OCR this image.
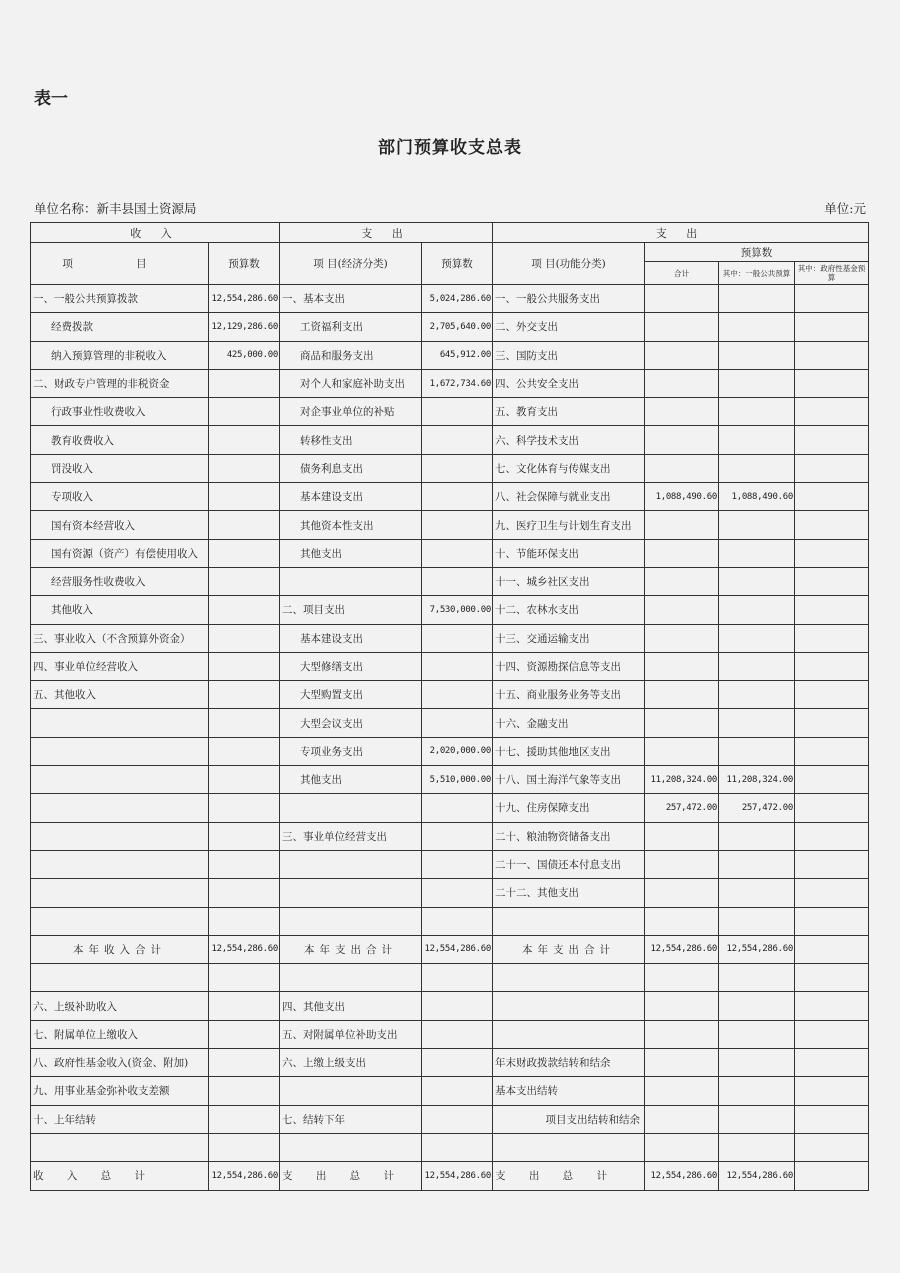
表一
部门预算收支总表
单位名称：新丰县国土资源局	单位:元
收 入		支 出		支 出			
项 目	预算数	项 目(经济分类)	预算数	项 目(功能分类)	预算数		
					合计	其中：一般公共预算	其中：政府性基金预算
一、一般公共预算拨款	12,554,286.60	一、基本支出	5,024,286.60	一、一般公共服务支出			
经费拨款	12,129,286.60	工资福利支出	2,705,640.00	二、外交支出			
纳入预算管理的非税收入	425,000.00	商品和服务支出	645,912.00	三、国防支出			
二、财政专户管理的非税资金		对个人和家庭补助支出	1,672,734.60	四、公共安全支出			
行政事业性收费收入		对企事业单位的补贴		五、教育支出			
教育收费收入		转移性支出		六、科学技术支出			
罚没收入		债务利息支出		七、文化体育与传媒支出			
专项收入		基本建设支出		八、社会保障与就业支出	1,088,490.60	1,088,490.60	
国有资本经营收入		其他资本性支出		九、医疗卫生与计划生育支出			
国有资源（资产）有偿使用收入		其他支出		十、节能环保支出			
经营服务性收费收入				十一、城乡社区支出			
其他收入		二、项目支出	7,530,000.00	十二、农林水支出			
三、事业收入（不含预算外资金）		基本建设支出		十三、交通运输支出			
四、事业单位经营收入		大型修缮支出		十四、资源勘探信息等支出			
五、其他收入		大型购置支出		十五、商业服务业务等支出			
		大型会议支出		十六、金融支出			
		专项业务支出	2,020,000.00	十七、援助其他地区支出			
		其他支出	5,510,000.00	十八、国土海洋气象等支出	11,208,324.00	11,208,324.00	
				十九、住房保障支出	257,472.00	257,472.00	
		三、事业单位经营支出		二十、粮油物资储备支出			
				二十一、国债还本付息支出			
				二十二、其他支出			

本年收入合计	12,554,286.60	本年支出合计	12,554,286.60	本年支出合计	12,554,286.60	12,554,286.60	

六、上级补助收入		四、其他支出					
七、附属单位上缴收入		五、对附属单位补助支出					
八、政府性基金收入(资金、附加)		六、上缴上级支出		年末财政拨款结转和结余			
九、用事业基金弥补收支差额				基本支出结转			
十、上年结转		七、结转下年		项目支出结转和结余			

收 入 总 计	12,554,286.60	支 出 总 计	12,554,286.60	支 出 总 计	12,554,286.60	12,554,286.60	
